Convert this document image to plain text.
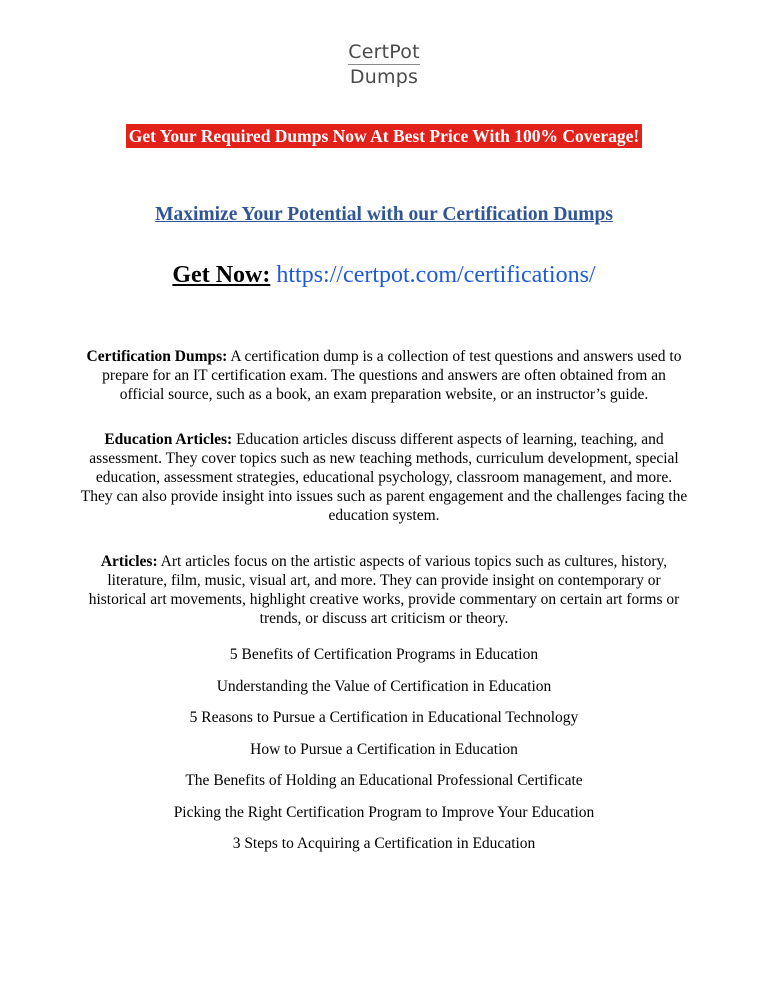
CertPot
Dumps
Get Your Required Dumps Now At Best Price With 100% Coverage!
Maximize Your Potential with our Certification Dumps
Get Now: https://certpot.com/certifications/
Certification Dumps: A certification dump is a collection of test questions and answers used to prepare for an IT certification exam. The questions and answers are often obtained from an official source, such as a book, an exam preparation website, or an instructor’s guide.
Education Articles: Education articles discuss different aspects of learning, teaching, and assessment. They cover topics such as new teaching methods, curriculum development, special education, assessment strategies, educational psychology, classroom management, and more. They can also provide insight into issues such as parent engagement and the challenges facing the education system.
Articles: Art articles focus on the artistic aspects of various topics such as cultures, history, literature, film, music, visual art, and more. They can provide insight on contemporary or historical art movements, highlight creative works, provide commentary on certain art forms or trends, or discuss art criticism or theory.
5 Benefits of Certification Programs in Education
Understanding the Value of Certification in Education
5 Reasons to Pursue a Certification in Educational Technology
How to Pursue a Certification in Education
The Benefits of Holding an Educational Professional Certificate
Picking the Right Certification Program to Improve Your Education
3 Steps to Acquiring a Certification in Education
